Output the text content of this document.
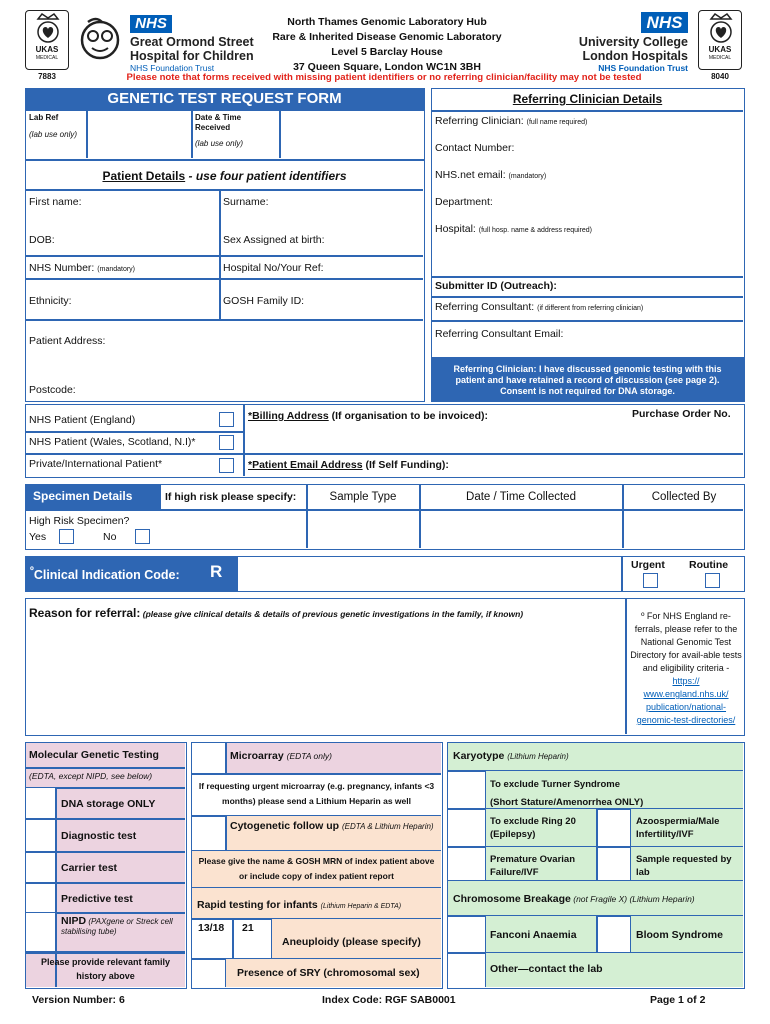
UKAS
MEDICAL
7883
NHS
Great Ormond Street
Hospital for Children
NHS Foundation Trust
North Thames Genomic Laboratory Hub
Rare & Inherited Disease Genomic Laboratory
Level 5 Barclay House
37 Queen Square, London WC1N 3BH
NHS
University College
London Hospitals
NHS Foundation Trust
UKAS
MEDICAL
8040
Please note that forms received with missing patient identifiers or no referring clinician/facility may not be tested
GENETIC TEST REQUEST FORM
Lab Ref
(lab use only)
Date & Time Received
(lab use only)
Patient Details - use four patient identifiers
First name:	Surname:
DOB:	Sex Assigned at birth:
NHS Number: (mandatory)	Hospital No/Your Ref:
Ethnicity:	GOSH Family ID:
Patient Address:
Postcode:
Referring Clinician Details
Referring Clinician: (full name required)
Contact Number:
NHS.net email: (mandatory)
Department:
Hospital: (full hosp. name & address required)
Submitter ID (Outreach):
Referring Consultant: (if different from referring clinician)
Referring Consultant Email:
Referring Clinician: I have discussed genomic testing with this patient and have retained a record of discussion (see page 2). Consent is not required for DNA storage.
NHS Patient (England)
NHS Patient (Wales, Scotland, N.I)*
Private/International Patient*
*Billing Address (If organisation to be invoiced):	Purchase Order No.
*Patient Email Address (If Self Funding):
Specimen Details	If high risk please specify:	Sample Type	Date / Time Collected	Collected By
High Risk Specimen?
Yes	No
$^º$Clinical Indication Code: R	Urgent Routine
Reason for referral: (please give clinical details & details of previous genetic investigations in the family, if known)	º For NHS England re-ferrals, please refer to the National Genomic Test Directory for avail-able tests and eligibility criteria -
https://
www.england.nhs.uk/
publication/national-
genomic-test-directories/
Molecular Genetic Testing
(EDTA, except NIPD, see below)
DNA storage ONLY
Diagnostic test
Carrier test
Predictive test
NIPD (PAXgene or Streck cell stabilising tube)
Please provide relevant family history above
Microarray (EDTA only)
If requesting urgent microarray (e.g. pregnancy, infants <3 months) please send a Lithium Heparin as well
Cytogenetic follow up (EDTA & Lithium Heparin)
Please give the name & GOSH MRN of index patient above or include copy of index patient report
Rapid testing for infants (Lithium Heparin & EDTA)
13/18 21
Aneuploidy (please specify)
Presence of SRY (chromosomal sex)
Karyotype (Lithium Heparin)
To exclude Turner Syndrome
(Short Stature/Amenorrhea ONLY)
To exclude Ring 20 (Epilepsy)
Azoospermia/Male Infertility/IVF
Premature Ovarian Failure/IVF
Sample requested by lab
Chromosome Breakage (not Fragile X) (Lithium Heparin)
Fanconi Anaemia	Bloom Syndrome
Other—contact the lab
Version Number: 6	Index Code: RGF SAB0001	Page 1 of 2
